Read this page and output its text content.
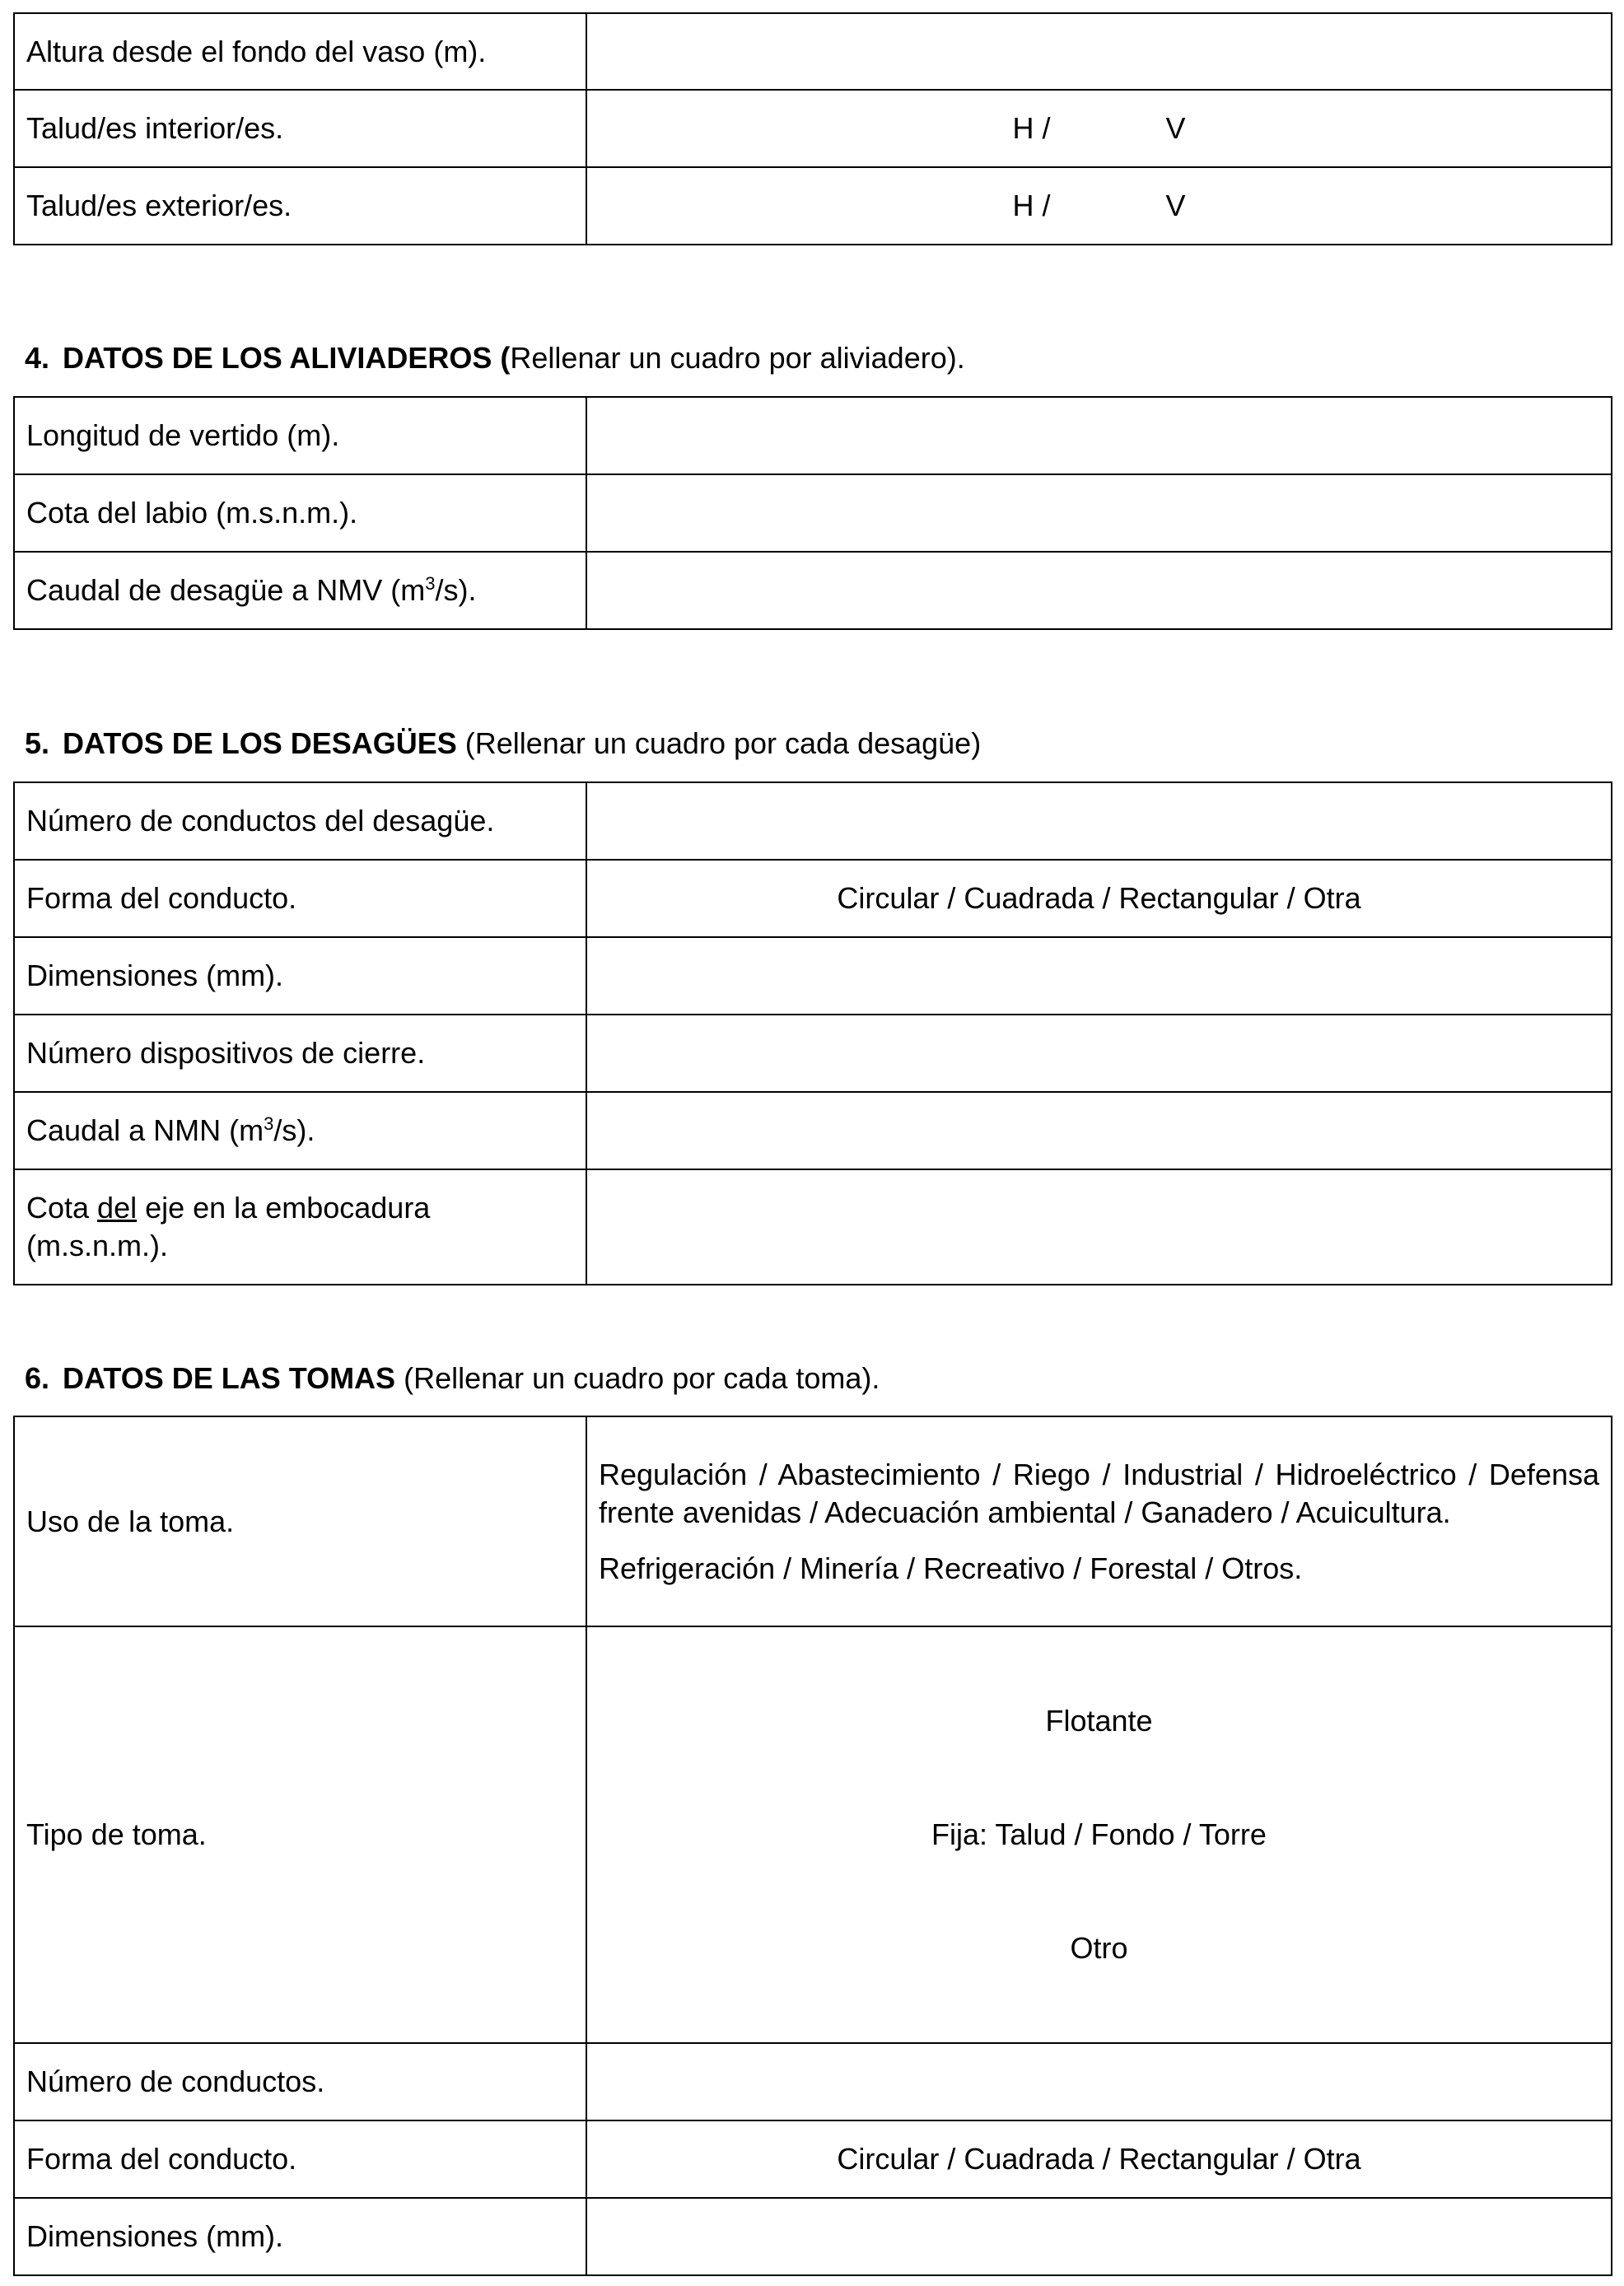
Altura desde el fondo del vaso (m).	
Talud/es interior/es.	H / V
Talud/es exterior/es.	H / V
4. DATOS DE LOS ALIVIADEROS (Rellenar un cuadro por aliviadero).
Longitud de vertido (m).	
Cota del labio (m.s.n.m.).	
Caudal de desagüe a NMV $(m^3/s)$.	
5. DATOS DE LOS DESAGÜES (Rellenar un cuadro por cada desagüe)
Número de conductos del desagüe.	
Forma del conducto.	Circular / Cuadrada / Rectangular / Otra
Dimensiones (mm).	
Número dispositivos de cierre.	
Caudal a NMN $(m^3/s)$.	
Cota del eje en la embocadura (m.s.n.m.).	
6. DATOS DE LAS TOMAS (Rellenar un cuadro por cada toma).
Uso de la toma.	Regulación / Abastecimiento / Riego / Industrial / Hidroeléctrico / Defensa frente avenidas / Adecuación ambiental / Ganadero / Acuicultura.

Refrigeración / Minería / Recreativo / Forestal / Otros.

Tipo de toma.	Flotante
Fija: Talud / Fondo / Torre
Otro

Número de conductos.	
Forma del conducto.	Circular / Cuadrada / Rectangular / Otra
Dimensiones (mm).	
